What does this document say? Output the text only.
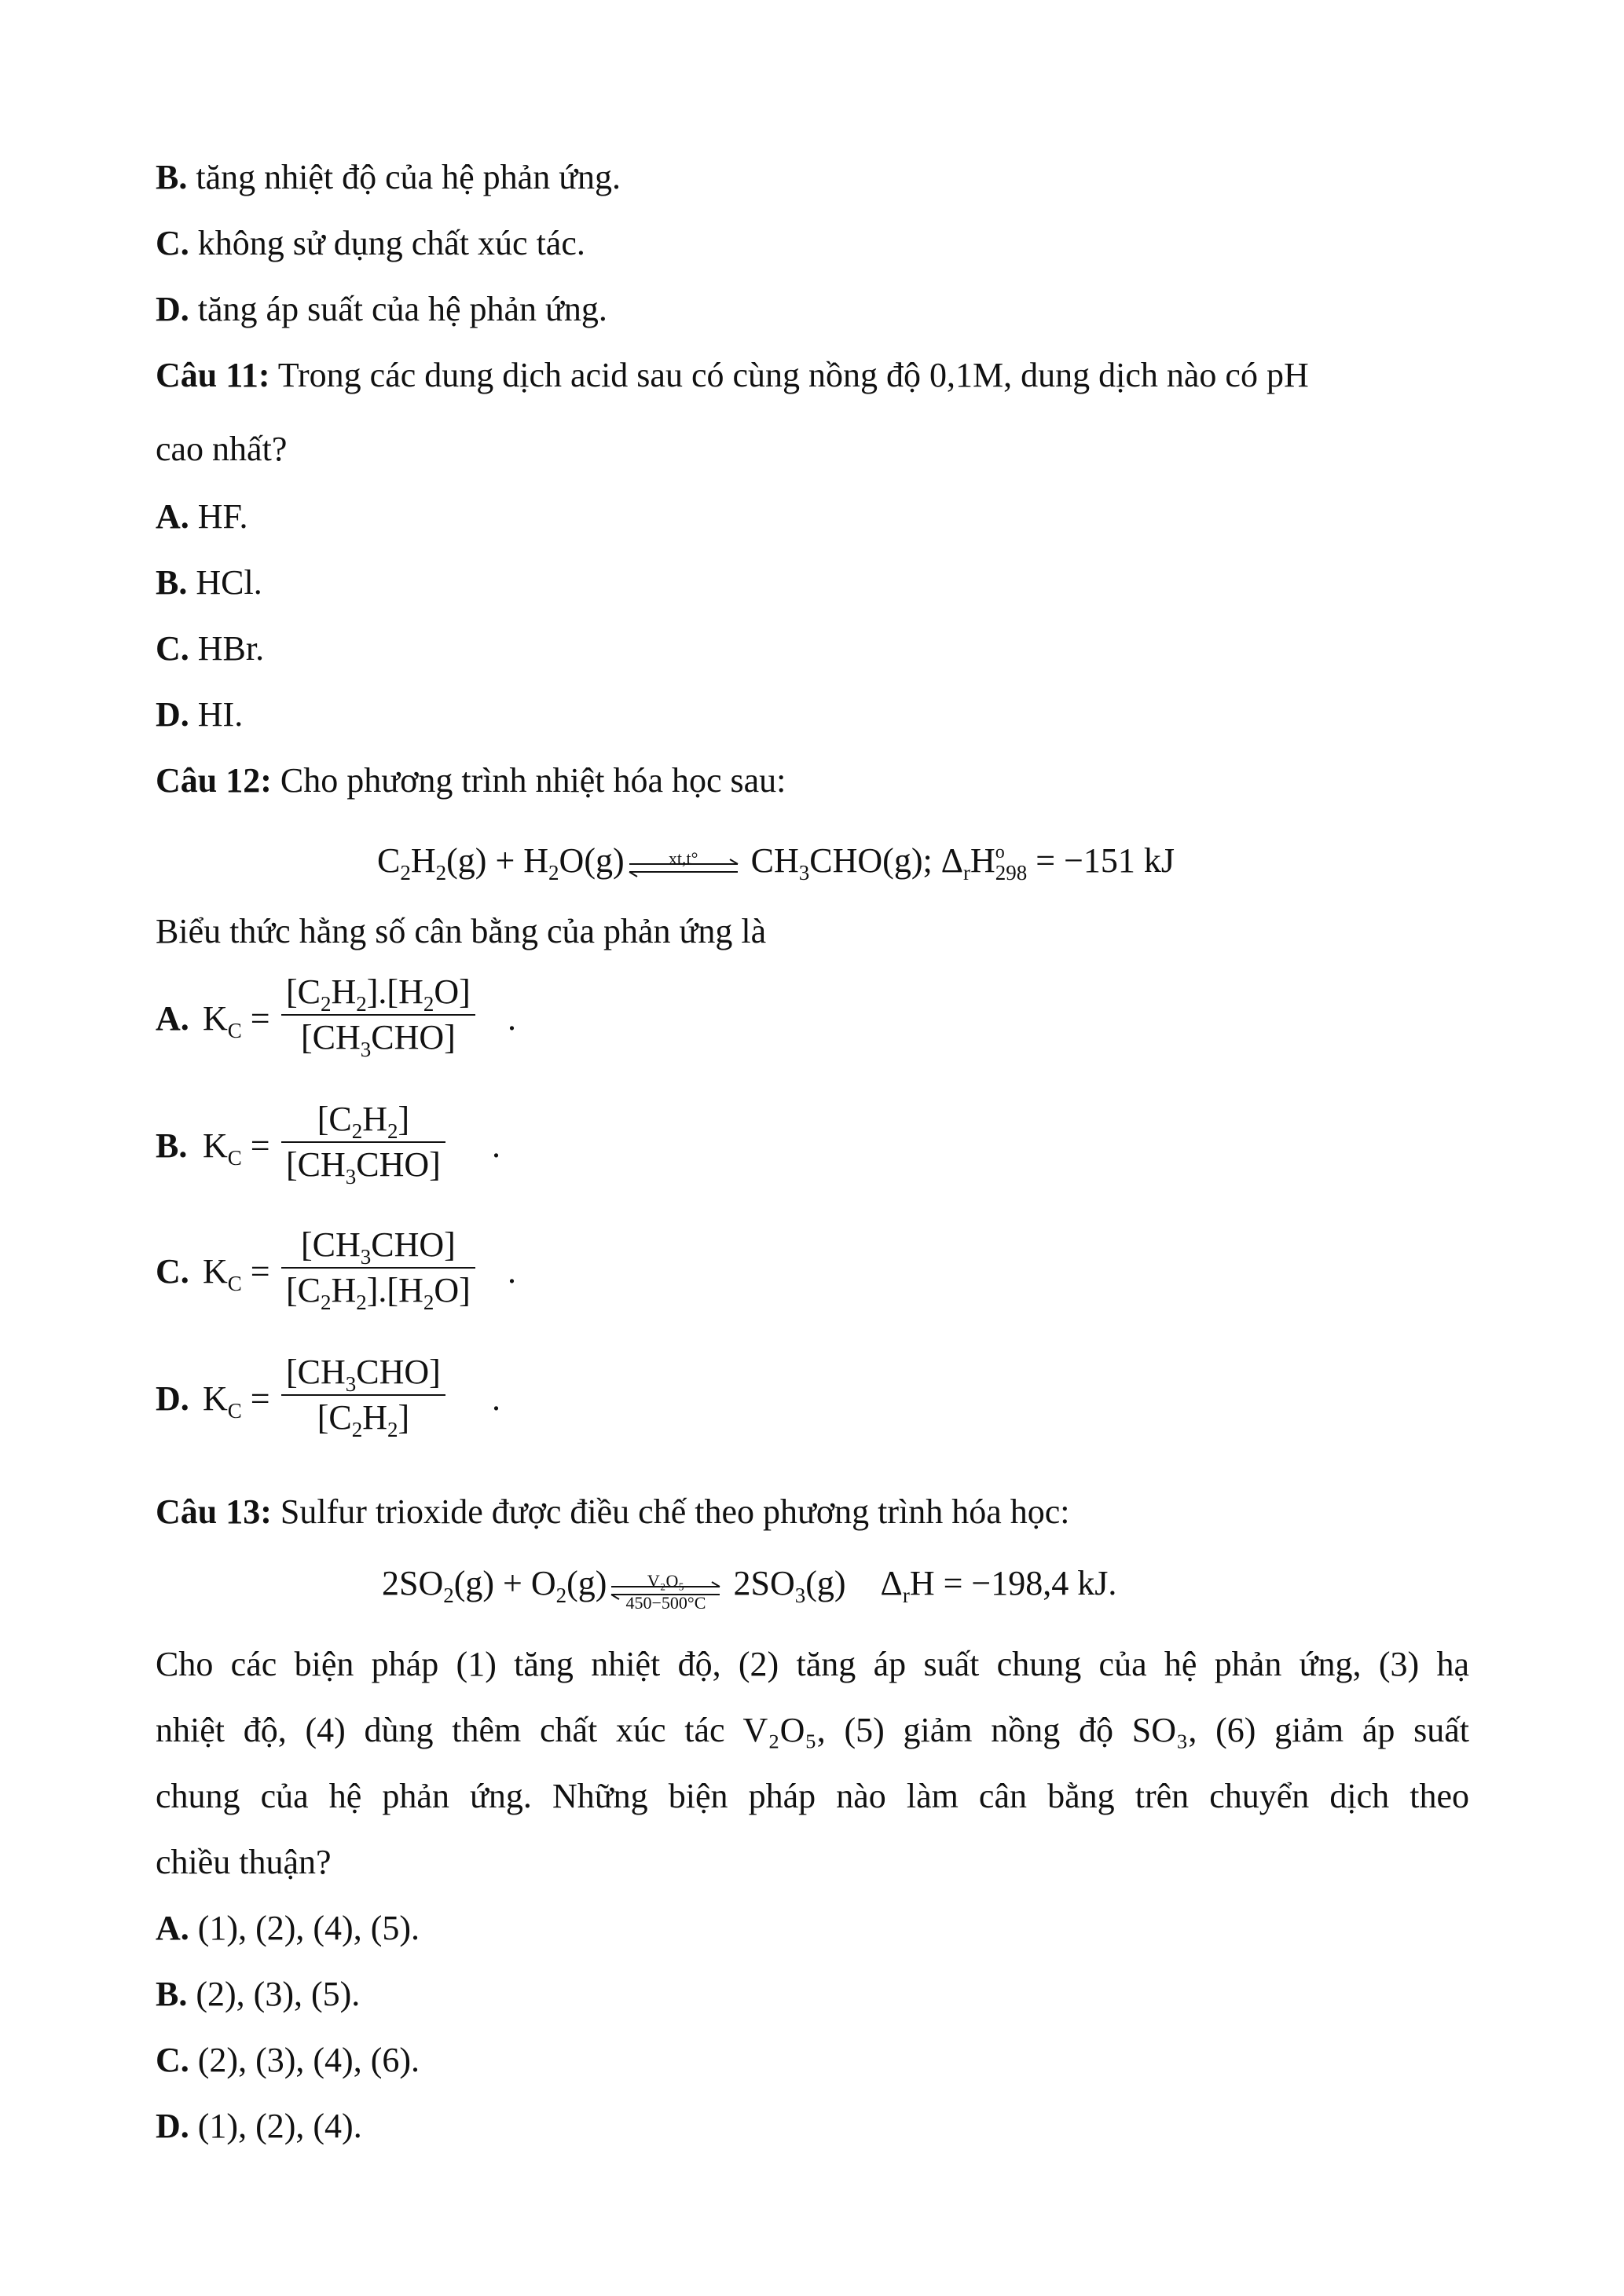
B. tăng nhiệt độ của hệ phản ứng.
C. không sử dụng chất xúc tác.
D. tăng áp suất của hệ phản ứng.
Câu 11: Trong các dung dịch acid sau có cùng nồng độ 0,1M, dung dịch nào có pH
cao nhất?
A. HF.
B. HCl.
C. HBr.
D. HI.
Câu 12: Cho phương trình nhiệt hóa học sau:
$C_2H_2(g) + H_2O(g)$	xt,t°	$CH_3CHO(g)$; $\Delta_rH^o_{298} = -151$ kJ
Biểu thức hằng số cân bằng của phản ứng là
A. $K_C$ =
$[C_2H_2].[H_2O]$
$[CH_3CHO]$	.
B. $K_C$ =
$[C_2H_2]$
$[CH_3CHO]$ .
C. $K_C$ =
$[CH_3CHO]$
$[C_2H_2].[H_2O]$ .
D. $K_C$ =
$[CH_3CHO]$
$[C_2H_2]$	.
Câu 13: Sulfur trioxide được điều chế theo phương trình hóa học:
$2SO_2(g) + O_2(g)$	V₂O₅
450−500°C
$2SO_3(g)$    $\Delta_rH = -198,4$ kJ.
Cho các biện pháp (1) tăng nhiệt độ, (2) tăng áp suất chung của hệ phản ứng, (3) hạ
nhiệt độ, (4) dùng thêm chất xúc tác V₂O₅, (5) giảm nồng độ SO₃, (6) giảm áp suất
chung của hệ phản ứng. Những biện pháp nào làm cân bằng trên chuyển dịch theo
chiều thuận?
A. (1), (2), (4), (5).
B. (2), (3), (5).
C. (2), (3), (4), (6).
D. (1), (2), (4).
